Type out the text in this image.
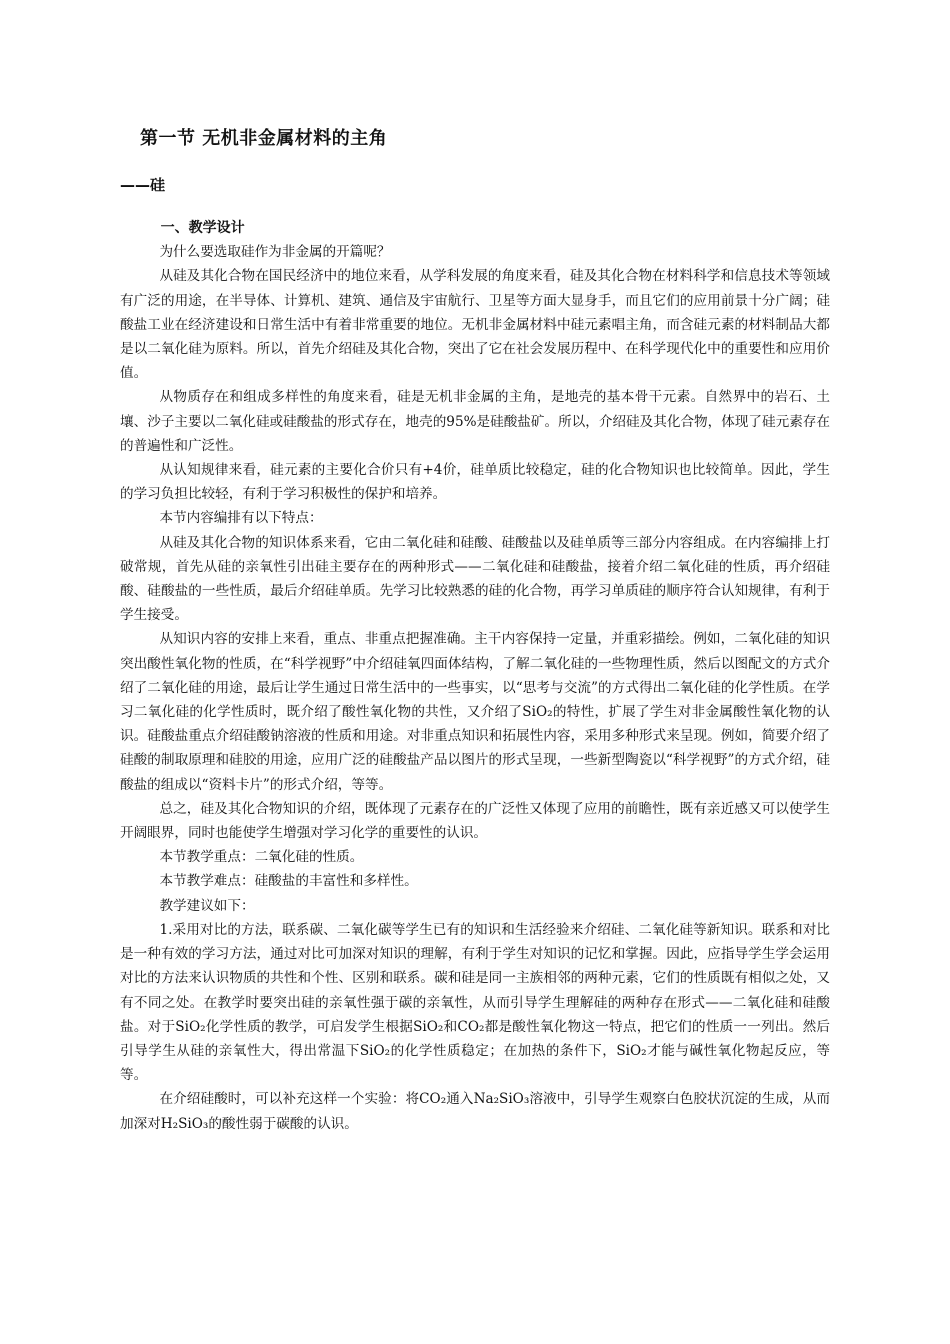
第一节 无机非金属材料的主角
——硅

一、教学设计

为什么要选取硅作为非金属的开篇呢？

从硅及其化合物在国民经济中的地位来看，从学科发展的角度来看，硅及其化合物在材料科学和信息技术等领域有广泛的用途，在半导体、计算机、建筑、通信及宇宙航行、卫星等方面大显身手，而且它们的应用前景十分广阔；硅酸盐工业在经济建设和日常生活中有着非常重要的地位。无机非金属材料中硅元素唱主角，而含硅元素的材料制品大都是以二氧化硅为原料。所以，首先介绍硅及其化合物，突出了它在社会发展历程中、在科学现代化中的重要性和应用价值。

从物质存在和组成多样性的角度来看，硅是无机非金属的主角，是地壳的基本骨干元素。自然界中的岩石、土壤、沙子主要以二氧化硅或硅酸盐的形式存在，地壳的95%是硅酸盐矿。所以，介绍硅及其化合物，体现了硅元素存在的普遍性和广泛性。

从认知规律来看，硅元素的主要化合价只有+4价，硅单质比较稳定，硅的化合物知识也比较简单。因此，学生的学习负担比较轻，有利于学习积极性的保护和培养。

本节内容编排有以下特点：

从硅及其化合物的知识体系来看，它由二氧化硅和硅酸、硅酸盐以及硅单质等三部分内容组成。在内容编排上打破常规，首先从硅的亲氧性引出硅主要存在的两种形式——二氧化硅和硅酸盐，接着介绍二氧化硅的性质，再介绍硅酸、硅酸盐的一些性质，最后介绍硅单质。先学习比较熟悉的硅的化合物，再学习单质硅的顺序符合认知规律，有利于学生接受。

从知识内容的安排上来看，重点、非重点把握准确。主干内容保持一定量，并重彩描绘。例如，二氧化硅的知识突出酸性氧化物的性质，在“科学视野”中介绍硅氧四面体结构，了解二氧化硅的一些物理性质，然后以图配文的方式介绍了二氧化硅的用途，最后让学生通过日常生活中的一些事实，以“思考与交流”的方式得出二氧化硅的化学性质。在学习二氧化硅的化学性质时，既介绍了酸性氧化物的共性，又介绍了SiO₂的特性，扩展了学生对非金属酸性氧化物的认识。硅酸盐重点介绍硅酸钠溶液的性质和用途。对非重点知识和拓展性内容，采用多种形式来呈现。例如，简要介绍了硅酸的制取原理和硅胶的用途，应用广泛的硅酸盐产品以图片的形式呈现，一些新型陶瓷以“科学视野”的方式介绍，硅酸盐的组成以“资料卡片”的形式介绍，等等。

总之，硅及其化合物知识的介绍，既体现了元素存在的广泛性又体现了应用的前瞻性，既有亲近感又可以使学生开阔眼界，同时也能使学生增强对学习化学的重要性的认识。

本节教学重点：二氧化硅的性质。

本节教学难点：硅酸盐的丰富性和多样性。

教学建议如下：

1.采用对比的方法，联系碳、二氧化碳等学生已有的知识和生活经验来介绍硅、二氧化硅等新知识。联系和对比是一种有效的学习方法，通过对比可加深对知识的理解，有利于学生对知识的记忆和掌握。因此，应指导学生学会运用对比的方法来认识物质的共性和个性、区别和联系。碳和硅是同一主族相邻的两种元素，它们的性质既有相似之处，又有不同之处。在教学时要突出硅的亲氧性强于碳的亲氧性，从而引导学生理解硅的两种存在形式——二氧化硅和硅酸盐。对于SiO₂化学性质的教学，可启发学生根据SiO₂和CO₂都是酸性氧化物这一特点，把它们的性质一一列出。然后引导学生从硅的亲氧性大，得出常温下SiO₂的化学性质稳定；在加热的条件下，SiO₂才能与碱性氧化物起反应，等等。

在介绍硅酸时，可以补充这样一个实验：将CO₂通入Na₂SiO₃溶液中，引导学生观察白色胶状沉淀的生成，从而加深对H₂SiO₃的酸性弱于碳酸的认识。
